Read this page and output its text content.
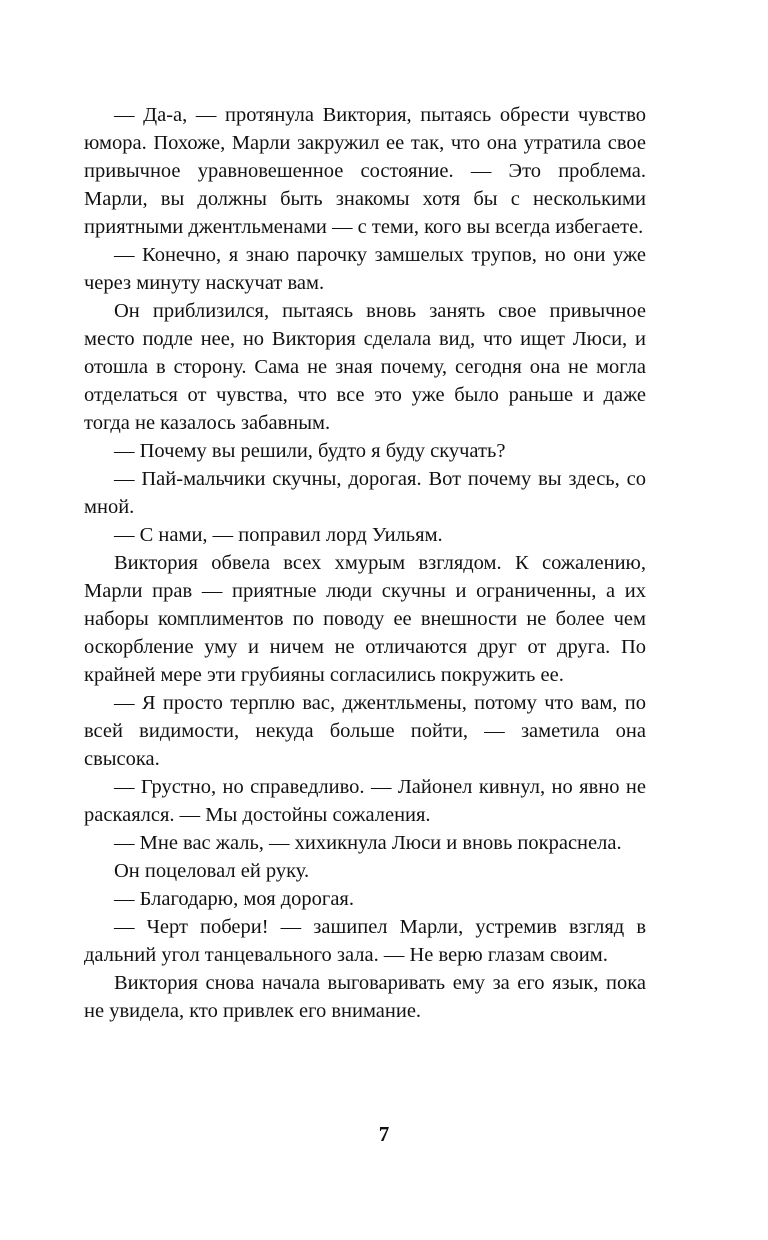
— Да-а, — протянула Виктория, пытаясь обрести чувство юмора. Похоже, Марли закружил ее так, что она утратила свое привычное уравновешенное состояние. — Это проблема. Марли, вы должны быть знакомы хотя бы с несколькими приятными джентльменами — с теми, кого вы всегда избегаете.

— Конечно, я знаю парочку замшелых трупов, но они уже через минуту наскучат вам.

Он приблизился, пытаясь вновь занять свое привычное место подле нее, но Виктория сделала вид, что ищет Люси, и отошла в сторону. Сама не зная почему, сегодня она не могла отделаться от чувства, что все это уже было раньше и даже тогда не казалось забавным.

— Почему вы решили, будто я буду скучать?

— Пай-мальчики скучны, дорогая. Вот почему вы здесь, со мной.

— С нами, — поправил лорд Уильям.

Виктория обвела всех хмурым взглядом. К сожалению, Марли прав — приятные люди скучны и ограниченны, а их наборы комплиментов по поводу ее внешности не более чем оскорбление уму и ничем не отличаются друг от друга. По крайней мере эти грубияны согласились покружить ее.

— Я просто терплю вас, джентльмены, потому что вам, по всей видимости, некуда больше пойти, — заметила она свысока.

— Грустно, но справедливо. — Лайонел кивнул, но явно не раскаялся. — Мы достойны сожаления.

— Мне вас жаль, — хихикнула Люси и вновь покраснела.

Он поцеловал ей руку.

— Благодарю, моя дорогая.

— Черт побери! — зашипел Марли, устремив взгляд в дальний угол танцевального зала. — Не верю глазам своим.

Виктория снова начала выговаривать ему за его язык, пока не увидела, кто привлек его внимание.

7
